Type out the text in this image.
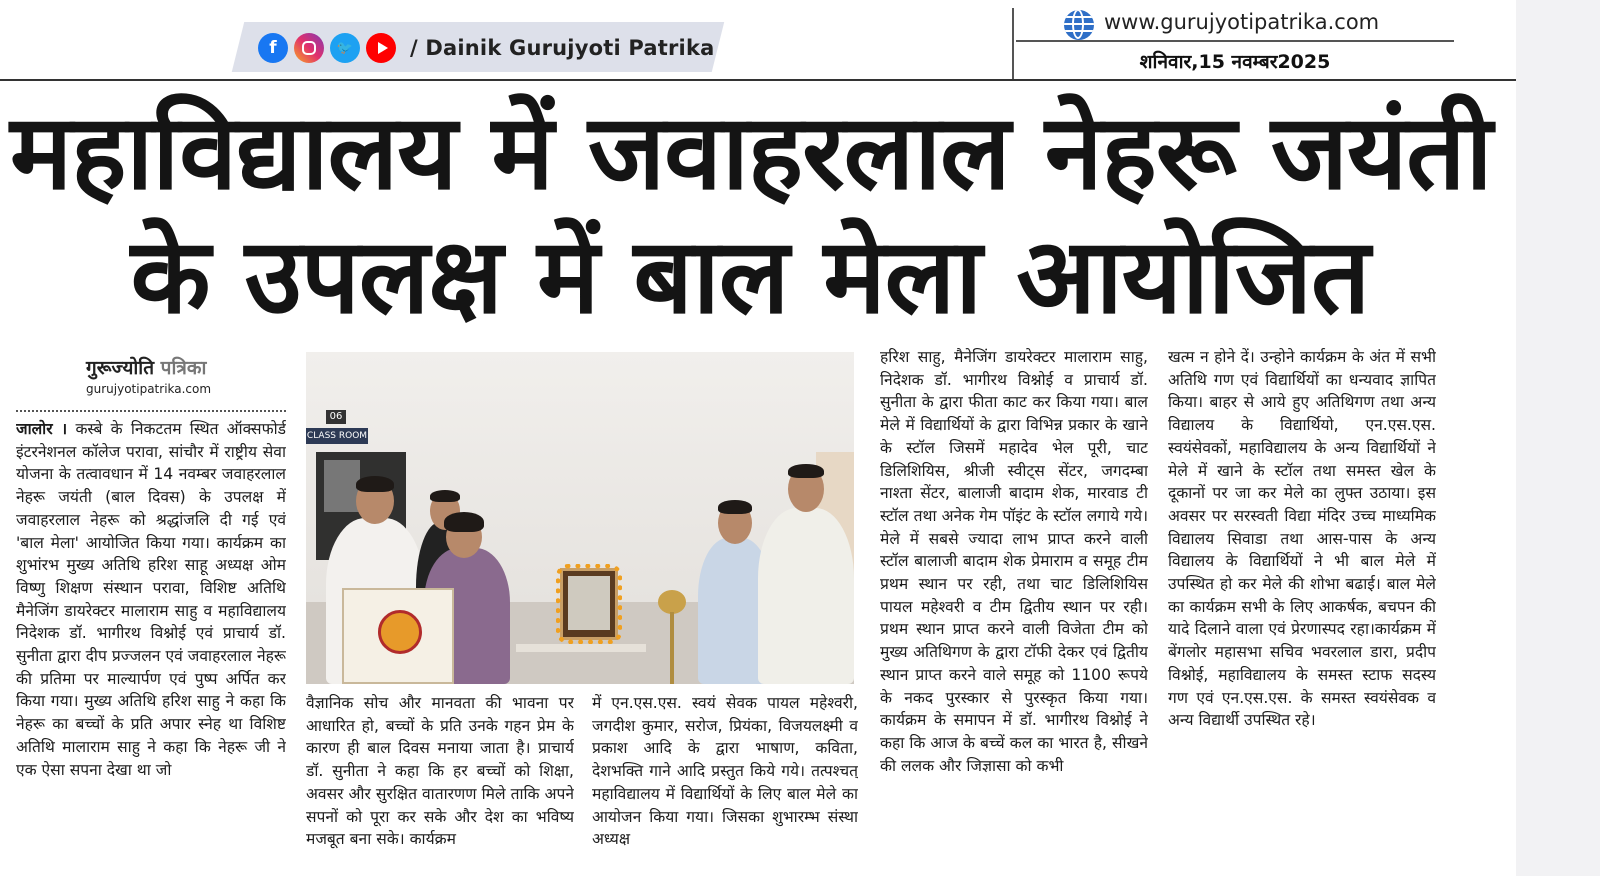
f	🐦	/ Dainik Gurujyoti Patrika
www.gurujyotipatrika.com
शनिवार,15 नवम्बर2025
महाविद्यालय में जवाहरलाल नेहरू जयंती
के उपलक्ष में बाल मेला आयोजित
गुरूज्योति पत्रिका
gurujyotipatrika.com

जालोर । कस्बे के निकटतम स्थित ऑक्सफोर्ड इंटरनेशनल कॉलेज परावा, सांचौर में राष्ट्रीय सेवा योजना के तत्वावधान में 14 नवम्बर जवाहरलाल नेहरू जयंती (बाल दिवस) के उपलक्ष में जवाहरलाल नेहरू को श्रद्धांजलि दी गई एवं 'बाल मेला' आयोजित किया गया। कार्यक्रम का शुभांरभ मुख्य अतिथि हरिश साहू अध्यक्ष ओम विष्णु शिक्षण संस्थान परावा, विशिष्ट अतिथि मैनेजिंग डायरेक्टर मालाराम साहु व महाविद्यालय निदेशक डॉ. भागीरथ विश्नोई एवं प्राचार्य डॉ. सुनीता द्वारा दीप प्रज्जलन एवं जवाहरलाल नेहरू की प्रतिमा पर माल्यार्पण एवं पुष्प अर्पित कर किया गया। मुख्य अतिथि हरिश साहु ने कहा कि नेहरू का बच्चों के प्रति अपार स्नेह था विशिष्ट अतिथि मालाराम साहु ने कहा कि नेहरू जी ने एक ऐसा सपना देखा था जो

06
CLASS ROOM

वैज्ञानिक सोच और मानवता की भावना पर आधारित हो, बच्चों के प्रति उनके गहन प्रेम के कारण ही बाल दिवस मनाया जाता है। प्राचार्य डॉ. सुनीता ने कहा कि हर बच्चों को शिक्षा, अवसर और सुरक्षित वातारणण मिले ताकि अपने सपनों को पूरा कर सके और देश का भविष्य मजबूत बना सके। कार्यक्रम

में एन.एस.एस. स्वयं सेवक पायल महेश्वरी, जगदीश कुमार, सरोज, प्रियंका, विजयलक्ष्मी व प्रकाश आदि के द्वारा भाषाण, कविता, देशभक्ति गाने आदि प्रस्तुत किये गये। तत्पश्चत् महाविद्यालय में विद्यार्थियों के लिए बाल मेले का आयोजन किया गया। जिसका शुभारम्भ संस्था अध्यक्ष

हरिश साहु, मैनेजिंग डायरेक्टर मालाराम साहु, निदेशक डॉ. भागीरथ विश्नोई व प्राचार्य डॉ. सुनीता के द्वारा फीता काट कर किया गया। बाल मेले में विद्यार्थियों के द्वारा विभिन्न प्रकार के खाने के स्टॉल जिसमें महादेव भेल पूरी, चाट डिलिशियिस, श्रीजी स्वीट्स सेंटर, जगदम्बा नाश्ता सेंटर, बालाजी बादाम शेक, मारवाड टी स्टॉल तथा अनेक गेम पॉइंट के स्टॉल लगाये गये। मेले में सबसे ज्यादा लाभ प्राप्त करने वाली स्टॉल बालाजी बादाम शेक प्रेमाराम व समूह टीम प्रथम स्थान पर रही, तथा चाट डिलिशियिस पायल महेश्वरी व टीम द्वितीय स्थान पर रही। प्रथम स्थान प्राप्त करने वाली विजेता टीम को मुख्य अतिथिगण के द्वारा टॉफी देकर एवं द्वितीय स्थान प्राप्त करने वाले समूह को 1100 रूपये के नकद पुरस्कार से पुरस्कृत किया गया। कार्यक्रम के समापन में डॉ. भागीरथ विश्नोई ने कहा कि आज के बच्चें कल का भारत है, सीखने की ललक और जिज्ञासा को कभी

खत्म न होने दें। उन्होने कार्यक्रम के अंत में सभी अतिथि गण एवं विद्यार्थियों का धन्यवाद ज्ञापित किया। बाहर से आये हुए अतिथिगण तथा अन्य विद्यालय के विद्यार्थियो, एन.एस.एस. स्वयंसेवकों, महाविद्यालय के अन्य विद्यार्थियों ने मेले में खाने के स्टॉल तथा समस्त खेल के दूकानों पर जा कर मेले का लुफ्त उठाया। इस अवसर पर सरस्वती विद्या मंदिर उच्च माध्यमिक विद्यालय सिवाडा तथा आस-पास के अन्य विद्यालय के विद्यार्थियों ने भी बाल मेले में उपस्थित हो कर मेले की शोभा बढाई। बाल मेले का कार्यक्रम सभी के लिए आकर्षक, बचपन की यादे दिलाने वाला एवं प्रेरणास्पद रहा।कार्यक्रम में बेंगलोर महासभा सचिव भवरलाल डारा, प्रदीप विश्नोई, महाविद्यालय के समस्त स्टाफ सदस्य गण एवं एन.एस.एस. के समस्त स्वयंसेवक व अन्य विद्यार्थी उपस्थित रहे।
